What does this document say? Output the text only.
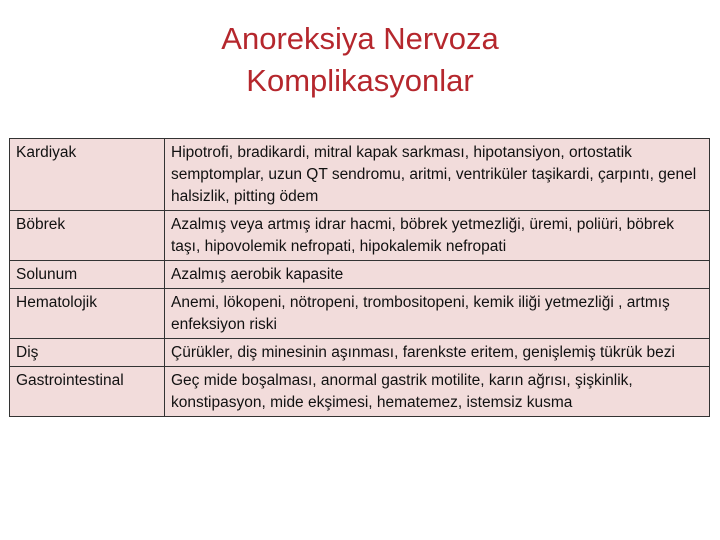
Anoreksiya Nervoza
Komplikasyonlar
Kardiyak	Hipotrofi, bradikardi, mitral kapak sarkması, hipotansiyon, ortostatik semptomplar, uzun QT sendromu, aritmi, ventriküler taşikardi, çarpıntı, genel halsizlik, pitting ödem
Böbrek	Azalmış veya artmış idrar hacmi, böbrek yetmezliği, üremi, poliüri, böbrek taşı, hipovolemik nefropati, hipokalemik nefropati
Solunum	Azalmış aerobik kapasite
Hematolojik	Anemi, lökopeni, nötropeni, trombositopeni, kemik iliği yetmezliği , artmış enfeksiyon riski
Diş	Çürükler, diş minesinin aşınması, farenkste eritem, genişlemiş tükrük bezi
Gastrointestinal	Geç mide boşalması, anormal gastrik motilite, karın ağrısı, şişkinlik, konstipasyon, mide ekşimesi, hematemez, istemsiz kusma
